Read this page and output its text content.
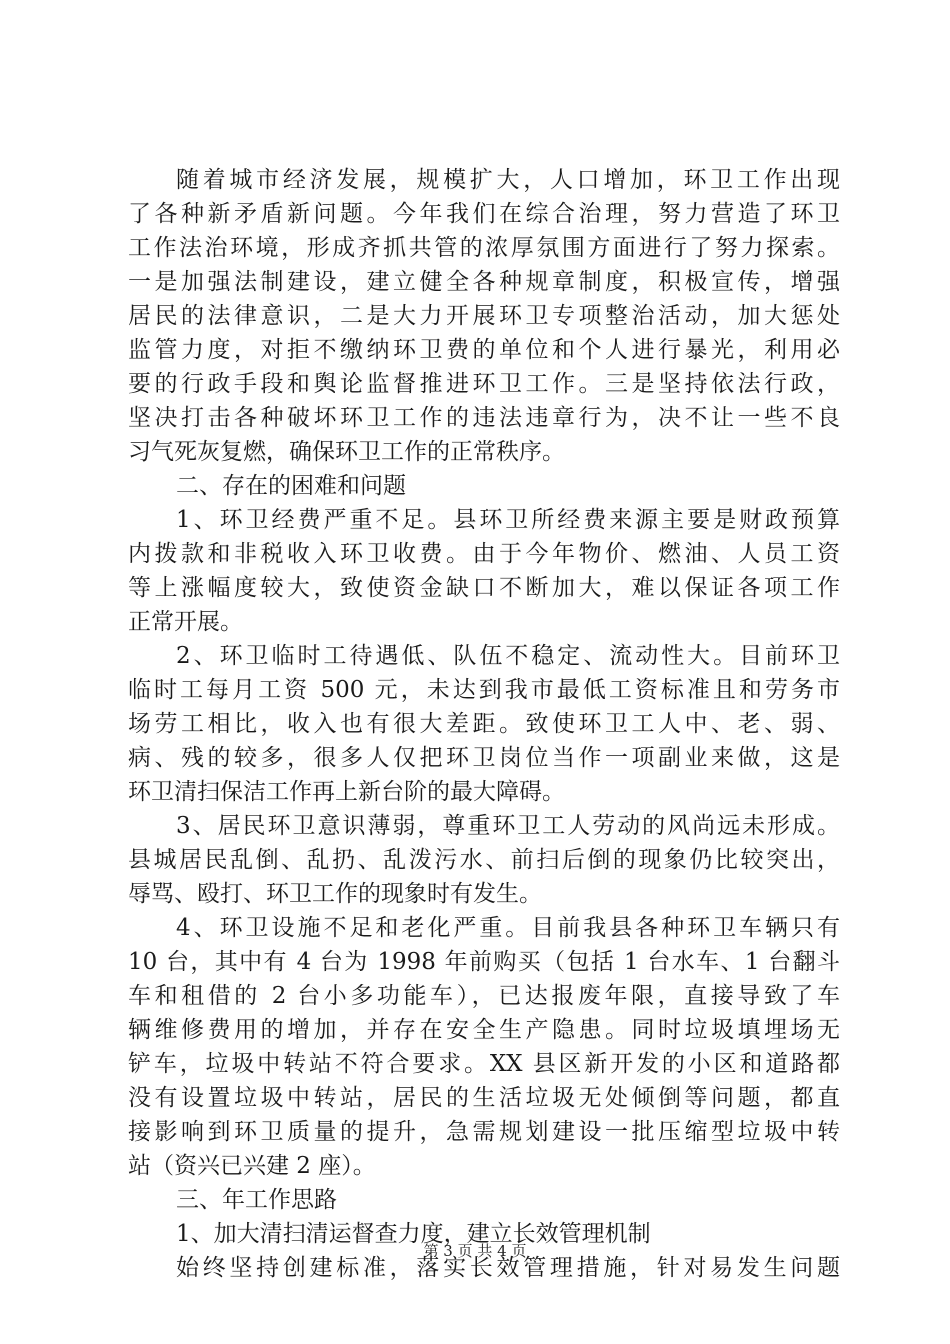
随着城市经济发展，规模扩大，人口增加，环卫工作出现
了各种新矛盾新问题。今年我们在综合治理，努力营造了环卫
工作法治环境，形成齐抓共管的浓厚氛围方面进行了努力探索。
一是加强法制建设，建立健全各种规章制度，积极宣传，增强
居民的法律意识，二是大力开展环卫专项整治活动，加大惩处
监管力度，对拒不缴纳环卫费的单位和个人进行暴光，利用必
要的行政手段和舆论监督推进环卫工作。三是坚持依法行政，
坚决打击各种破坏环卫工作的违法违章行为，决不让一些不良
习气死灰复燃，确保环卫工作的正常秩序。
二、存在的困难和问题
1、环卫经费严重不足。县环卫所经费来源主要是财政预算
内拨款和非税收入环卫收费。由于今年物价、燃油、人员工资
等上涨幅度较大，致使资金缺口不断加大，难以保证各项工作
正常开展。
2、环卫临时工待遇低、队伍不稳定、流动性大。目前环卫
临时工每月工资 500 元，未达到我市最低工资标准且和劳务市
场劳工相比，收入也有很大差距。致使环卫工人中、老、弱、
病、残的较多，很多人仅把环卫岗位当作一项副业来做，这是
环卫清扫保洁工作再上新台阶的最大障碍。
3、居民环卫意识薄弱，尊重环卫工人劳动的风尚远未形成。
县城居民乱倒、乱扔、乱泼污水、前扫后倒的现象仍比较突出，
辱骂、殴打、环卫工作的现象时有发生。
4、环卫设施不足和老化严重。目前我县各种环卫车辆只有
10 台，其中有 4 台为 1998 年前购买（包括 1 台水车、1 台翻斗
车和租借的 2 台小多功能车），已达报废年限，直接导致了车
辆维修费用的增加，并存在安全生产隐患。同时垃圾填埋场无
铲车，垃圾中转站不符合要求。XX 县区新开发的小区和道路都
没有设置垃圾中转站，居民的生活垃圾无处倾倒等问题，都直
接影响到环卫质量的提升，急需规划建设一批压缩型垃圾中转
站（资兴已兴建 2 座）。
三、年工作思路
1、加大清扫清运督查力度，建立长效管理机制
始终坚持创建标准，落实长效管理措施，针对易发生问题
第 3 页 共 4 页
